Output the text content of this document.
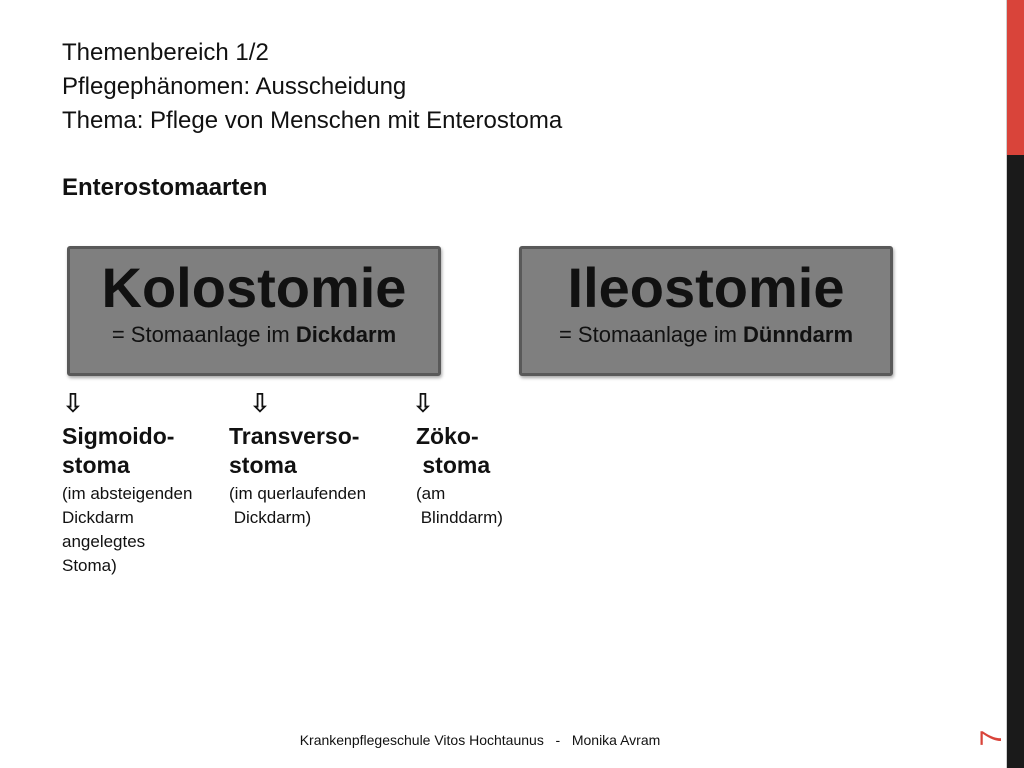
7
Themenbereich 1/2
Pflegephänomen: Ausscheidung
Thema: Pflege von Menschen mit Enterostoma
Enterostomaarten
Kolostomie
= Stomaanlage im Dickdarm
Ileostomie
= Stomaanlage im Dünndarm
⇩	⇩	⇩
Sigmoido-
stoma
(im absteigenden
Dickdarm
angelegtes
Stoma)
Transverso-
stoma
(im querlaufenden
Dickdarm)
Zöko-
stoma
(am
Blinddarm)
Krankenpflegeschule Vitos Hochtaunus   -   Monika Avram
